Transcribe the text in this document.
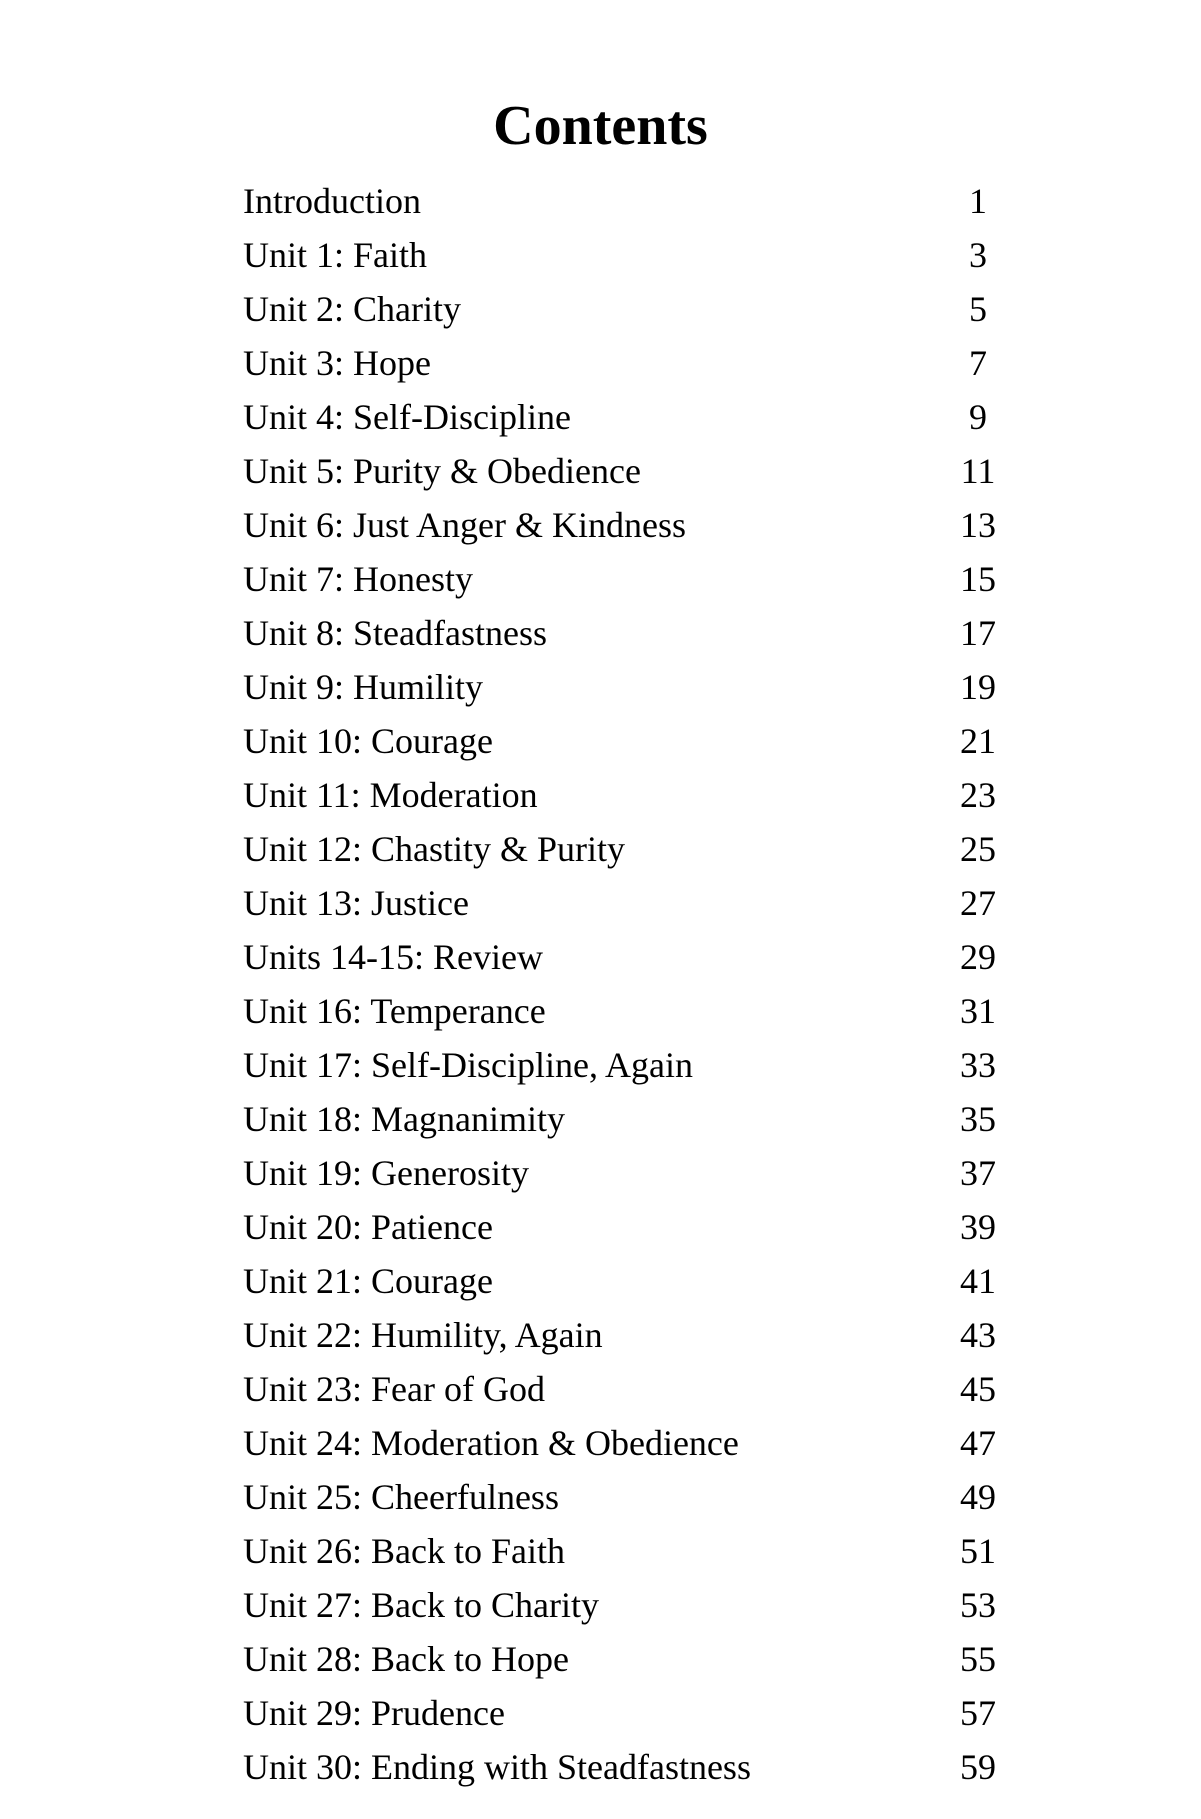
Contents
Introduction	1
Unit 1: Faith	3
Unit 2: Charity	5
Unit 3: Hope	7
Unit 4: Self-Discipline	9
Unit 5: Purity & Obedience	11
Unit 6: Just Anger & Kindness	13
Unit 7: Honesty	15
Unit 8: Steadfastness	17
Unit 9: Humility	19
Unit 10: Courage	21
Unit 11: Moderation	23
Unit 12: Chastity & Purity	25
Unit 13: Justice	27
Units 14-15: Review	29
Unit 16: Temperance	31
Unit 17: Self-Discipline, Again	33
Unit 18: Magnanimity	35
Unit 19: Generosity	37
Unit 20: Patience	39
Unit 21: Courage	41
Unit 22: Humility, Again	43
Unit 23: Fear of God	45
Unit 24: Moderation & Obedience	47
Unit 25: Cheerfulness	49
Unit 26: Back to Faith	51
Unit 27: Back to Charity	53
Unit 28: Back to Hope	55
Unit 29: Prudence	57
Unit 30: Ending with Steadfastness	59
